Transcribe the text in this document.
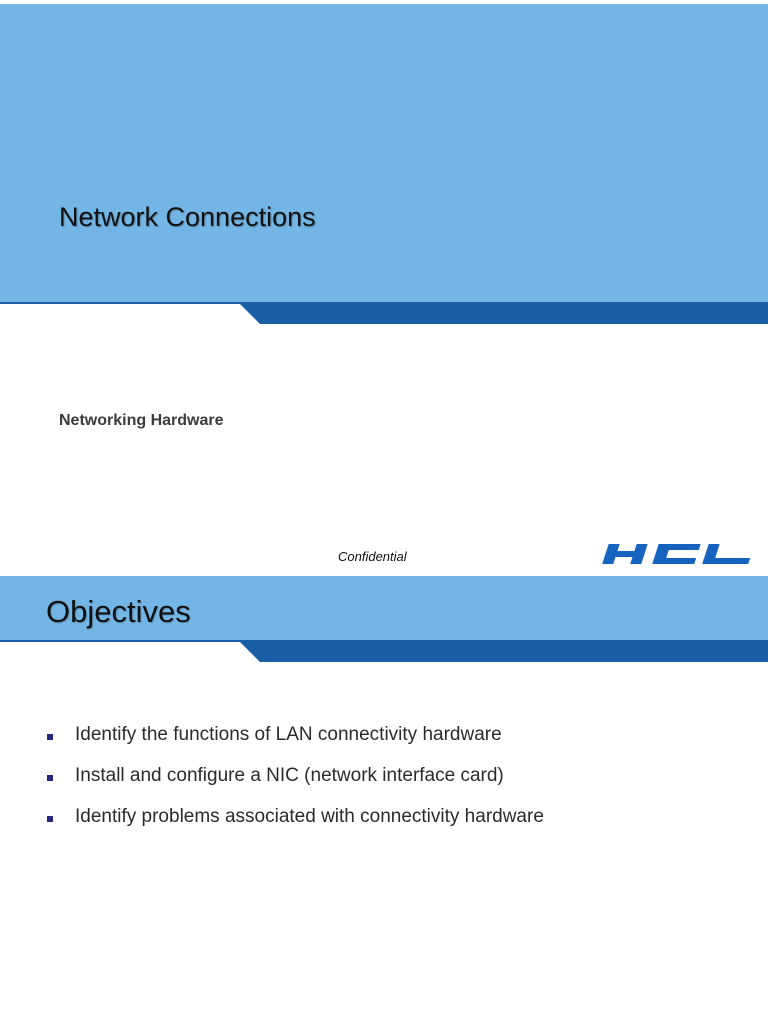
Network Connections
Networking Hardware
Confidential
Objectives
Identify the functions of LAN connectivity hardware
Install and configure a NIC (network interface card)
Identify problems associated with connectivity hardware
